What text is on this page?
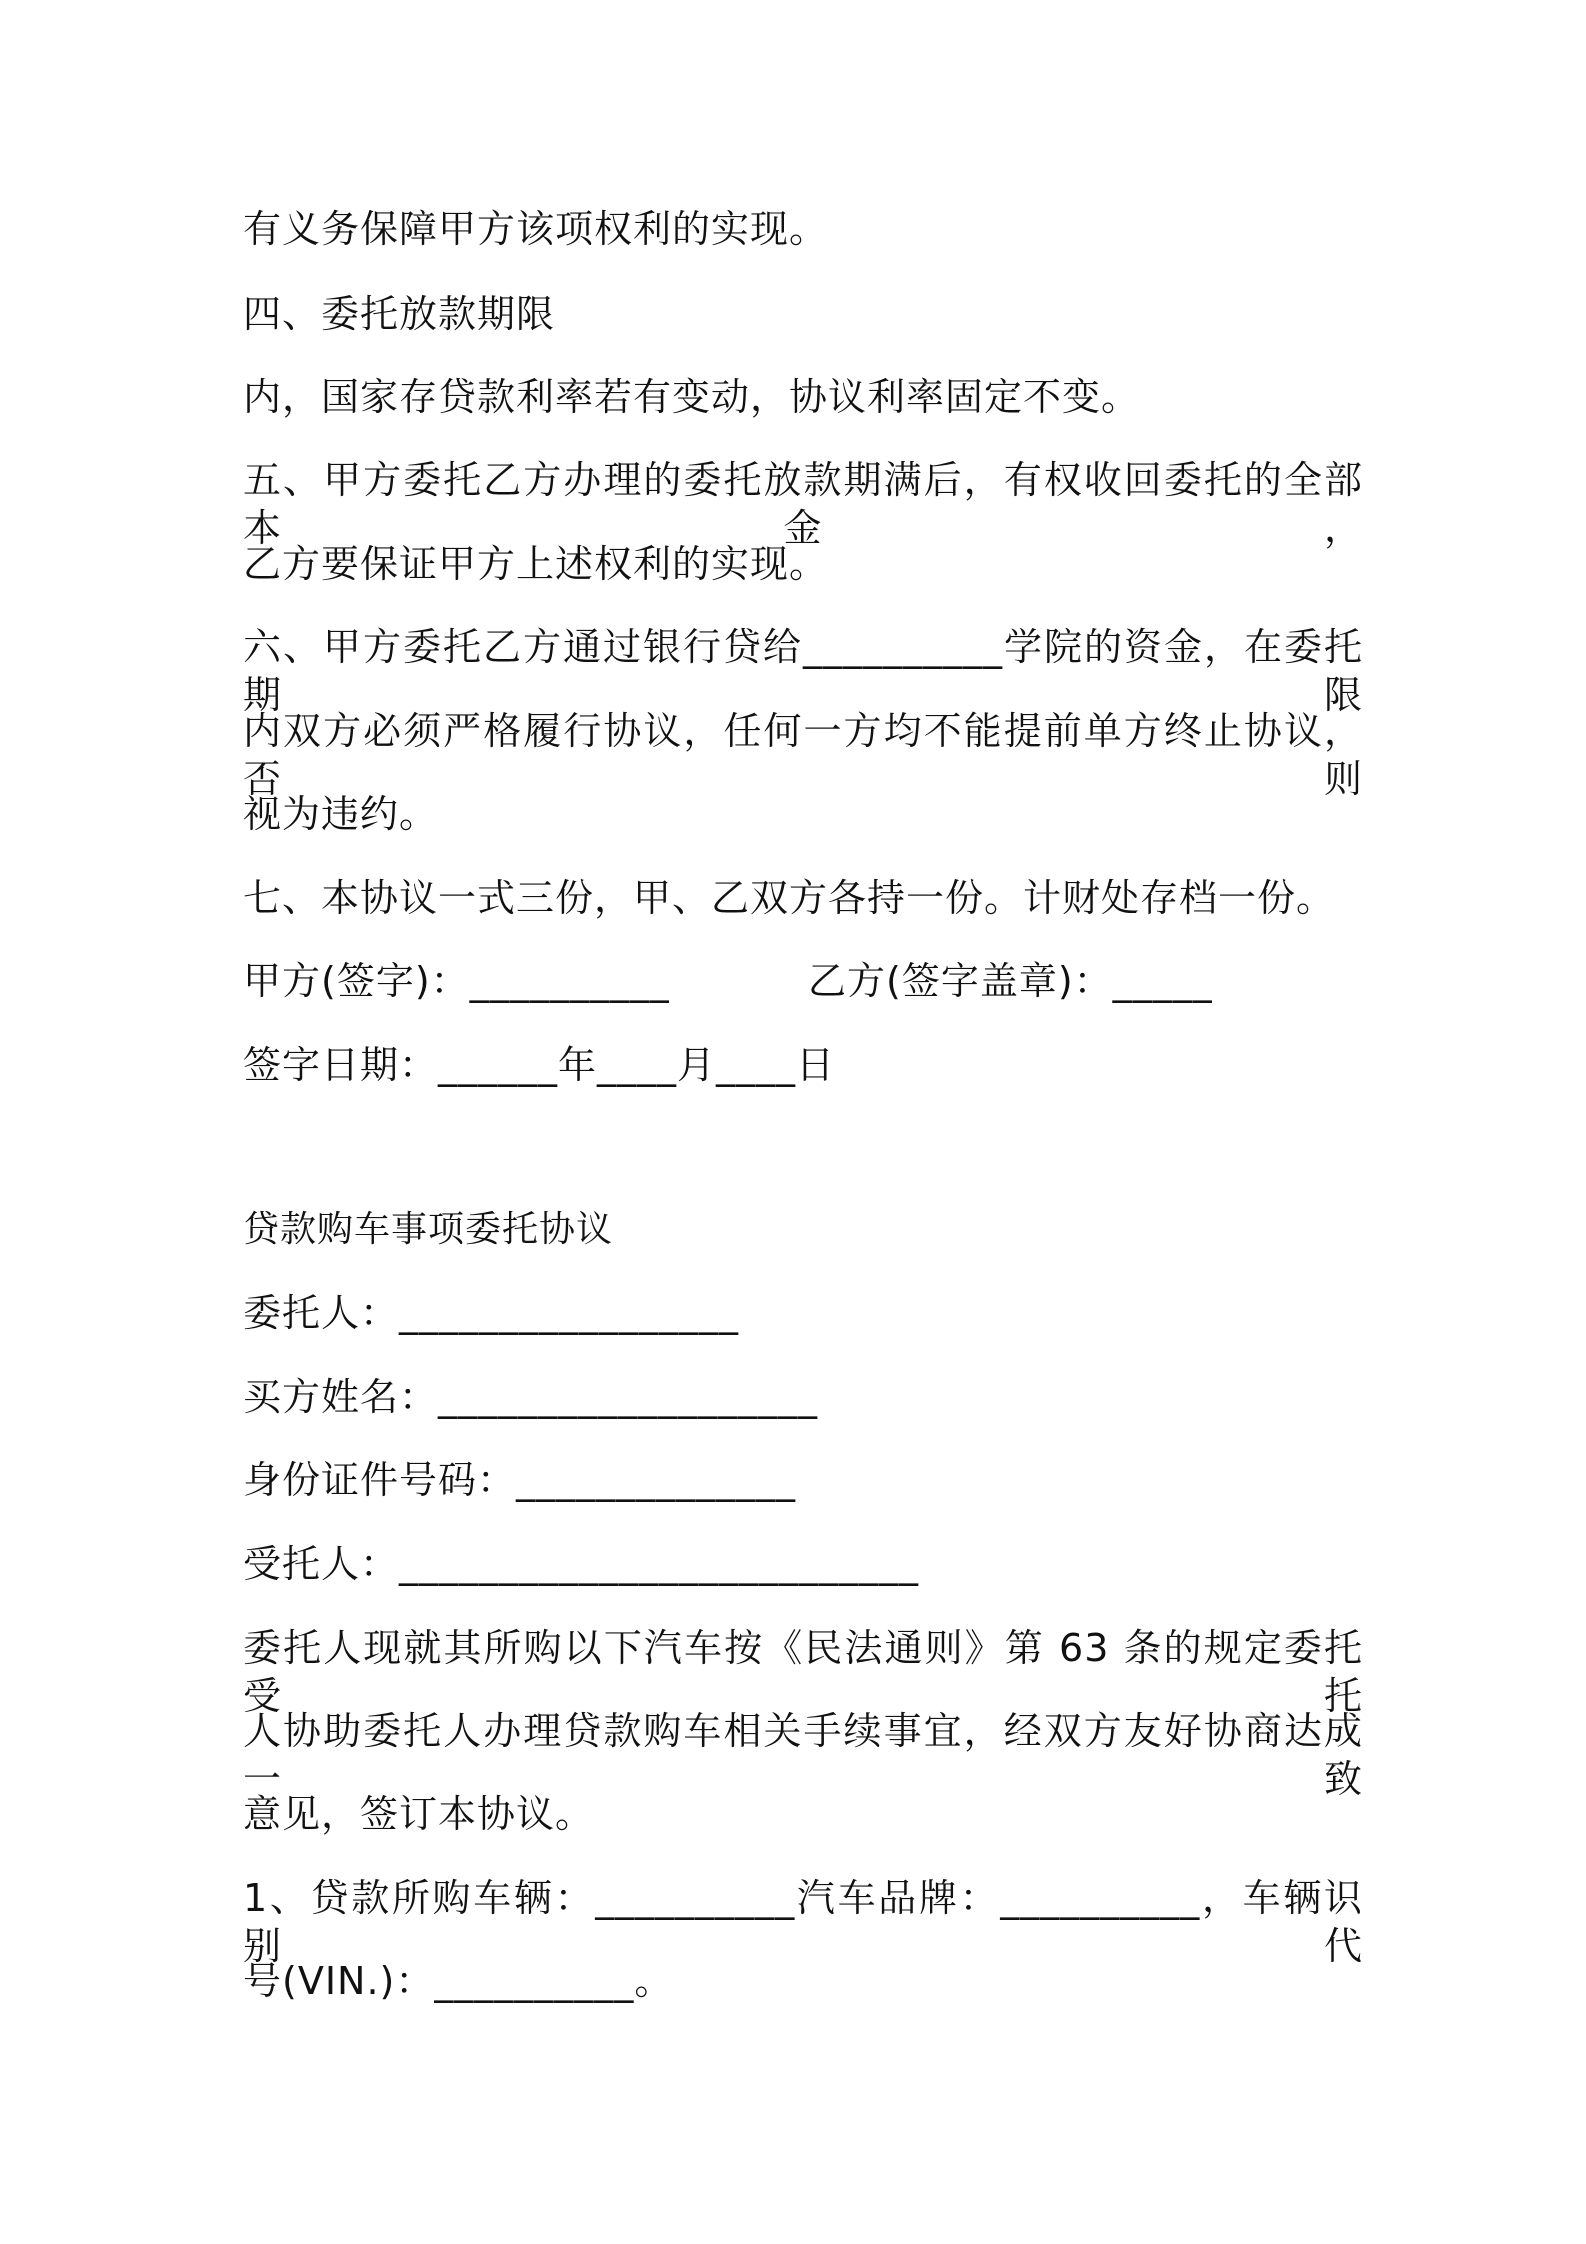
有义务保障甲方该项权利的实现。
四、委托放款期限
内，国家存贷款利率若有变动，协议利率固定不变。
五、甲方委托乙方办理的委托放款期满后，有权收回委托的全部本金，
乙方要保证甲方上述权利的实现。
六、甲方委托乙方通过银行贷给__________学院的资金，在委托期限
内双方必须严格履行协议，任何一方均不能提前单方终止协议，否则
视为违约。
七、本协议一式三份，甲、乙双方各持一份。计财处存档一份。
甲方(签字)：__________	乙方(签字盖章)：_____
签字日期：______年____月____日
贷款购车事项委托协议
委托人：_________________
买方姓名：___________________
身份证件号码：______________
受托人：__________________________
委托人现就其所购以下汽车按《民法通则》第 63 条的规定委托受托
人协助委托人办理贷款购车相关手续事宜，经双方友好协商达成一致
意见，签订本协议。
1、贷款所购车辆：__________汽车品牌：__________，车辆识别代
号(VIN.)：__________。
